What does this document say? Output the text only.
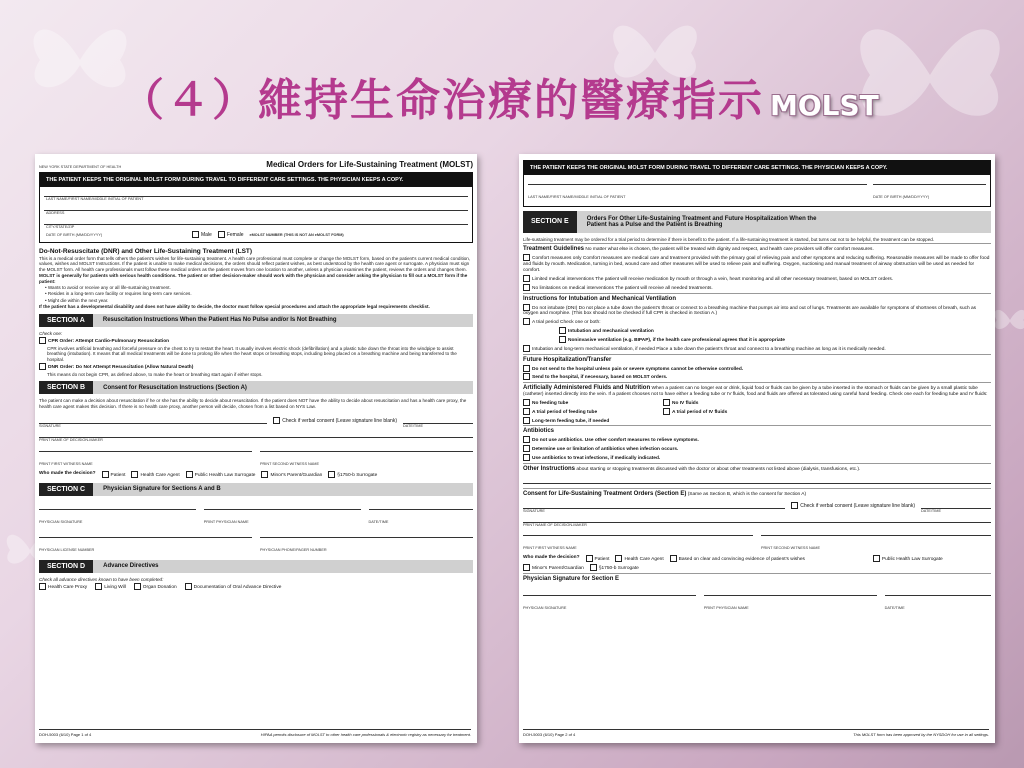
（４）維持生命治療的醫療指示 MOLST
NEW YORK STATE DEPARTMENT OF HEALTH	Medical Orders for Life-Sustaining Treatment (MOLST)
THE PATIENT KEEPS THE ORIGINAL MOLST FORM DURING TRAVEL TO DIFFERENT CARE SETTINGS. THE PHYSICIAN KEEPS A COPY.
LAST NAME/FIRST NAME/MIDDLE INITIAL OF PATIENT
ADDRESS
CITY/STATE/ZIP
DATE OF BIRTH (MM/DD/YYYY)	Male	Female eMOLST NUMBER (THIS IS NOT AN eMOLST FORM)
Do-Not-Resuscitate (DNR) and Other Life-Sustaining Treatment (LST)
This is a medical order form that tells others the patient's wishes for life-sustaining treatment. A health care professional must complete or change the MOLST form, based on the patient's current medical condition, values, wishes and MOLST Instructions. If the patient is unable to make medical decisions, the orders should reflect patient wishes, as best understood by the health care agent or surrogate. A physician must sign the MOLST form. All health care professionals must follow these medical orders as the patient moves from one location to another, unless a physician examines the patient, reviews the orders and changes them.
MOLST is generally for patients with serious health conditions. The patient or other decision-maker should work with the physician and consider asking the physician to fill out a MOLST form if the patient:
• Wants to avoid or receive any or all life-sustaining treatment.
• Resides in a long-term care facility or requires long-term care services.
• Might die within the next year.
If the patient has a developmental disability and does not have ability to decide, the doctor must follow special procedures and attach the appropriate legal requirements checklist.
SECTION A	Resuscitation Instructions When the Patient Has No Pulse and/or Is Not Breathing
Check one:
CPR Order: Attempt Cardio-Pulmonary Resuscitation
CPR involves artificial breathing and forceful pressure on the chest to try to restart the heart. It usually involves electric shock (defibrillation) and a plastic tube down the throat into the windpipe to assist breathing (intubation). It means that all medical treatments will be done to prolong life when the heart stops or breathing stops, including being placed on a breathing machine and being transferred to the hospital.
DNR Order: Do Not Attempt Resuscitation (Allow Natural Death)
This means do not begin CPR, as defined above, to make the heart or breathing start again if either stops.
SECTION B	Consent for Resuscitation Instructions (Section A)
The patient can make a decision about resuscitation if he or she has the ability to decide about resuscitation. If the patient does NOT have the ability to decide about resuscitation and has a health care proxy, the health care agent makes this decision. If there is no health care proxy, another person will decide, chosen from a list based on NYS Law.
Check if verbal consent (Leave signature line blank)
SIGNATURE	DATE/TIME
PRINT NAME OF DECISION-MAKER
PRINT FIRST WITNESS NAME	PRINT SECOND WITNESS NAME
Who made the decision?	Patient	Health Care Agent	Public Health Law Surrogate	Minor's Parent/Guardian	§1750-b Surrogate
SECTION C	Physician Signature for Sections A and B
PHYSICIAN SIGNATURE	PRINT PHYSICIAN NAME	DATE/TIME
PHYSICIAN LICENSE NUMBER	PHYSICIAN PHONE/PAGER NUMBER
SECTION D	Advance Directives
Check all advance directives known to have been completed:
Health Care Proxy	Living Will	Organ Donation	Documentation of Oral Advance Directive
DOH-5003 (6/10) Page 1 of 4	HIPAA permits disclosure of MOLST to other health care professionals & electronic registry as necessary for treatment.
THE PATIENT KEEPS THE ORIGINAL MOLST FORM DURING TRAVEL TO DIFFERENT CARE SETTINGS. THE PHYSICIAN KEEPS A COPY.
LAST NAME/FIRST NAME/MIDDLE INITIAL OF PATIENT	DATE OF BIRTH (MM/DD/YYYY)
SECTION E	Orders For Other Life-Sustaining Treatment and Future Hospitalization When the Patient has a Pulse and the Patient is Breathing
Life-sustaining treatment may be ordered for a trial period to determine if there is benefit to the patient. If a life-sustaining treatment is started, but turns out not to be helpful, the treatment can be stopped.
Treatment Guidelines No matter what else is chosen, the patient will be treated with dignity and respect, and health care providers will offer comfort measures.
Comfort measures only Comfort measures are medical care and treatment provided with the primary goal of relieving pain and other symptoms and reducing suffering. Reasonable measures will be made to offer food and fluids by mouth. Medication, turning in bed, wound care and other measures will be used to relieve pain and suffering. Oxygen, suctioning and manual treatment of airway obstruction will be used as needed for comfort.
Limited medical interventions The patient will receive medication by mouth or through a vein, heart monitoring and all other necessary treatment, based on MOLST orders.
No limitations on medical interventions The patient will receive all needed treatments.
Instructions for Intubation and Mechanical Ventilation
Do not intubate (DNI) Do not place a tube down the patient's throat or connect to a breathing machine that pumps air into and out of lungs. Treatments are available for symptoms of shortness of breath, such as oxygen and morphine. (This box should not be checked if full CPR is checked in Section A.)
A trial period Check one or both:
Intubation and mechanical ventilation
Noninvasive ventilation (e.g. BIPAP), if the health care professional agrees that it is appropriate
Intubation and long-term mechanical ventilation, if needed Place a tube down the patient's throat and connect to a breathing machine as long as it is medically needed.
Future Hospitalization/Transfer
Do not send to the hospital unless pain or severe symptoms cannot be otherwise controlled.
Send to the hospital, if necessary, based on MOLST orders.
Artificially Administered Fluids and Nutrition When a patient can no longer eat or drink, liquid food or fluids can be given by a tube inserted in the stomach or fluids can be given by a small plastic tube (catheter) inserted directly into the vein. If a patient chooses not to have either a feeding tube or IV fluids, food and fluids are offered as tolerated using careful hand feeding. Check one each for feeding tube and IV fluids:
No feeding tube	No IV fluids
A trial period of feeding tube	A trial period of IV fluids
Long-term feeding tube, if needed
Antibiotics
Do not use antibiotics. Use other comfort measures to relieve symptoms.
Determine use or limitation of antibiotics when infection occurs.
Use antibiotics to treat infections, if medically indicated.
Other Instructions about starting or stopping treatments discussed with the doctor or about other treatments not listed above (dialysis, transfusions, etc.).
Consent for Life-Sustaining Treatment Orders (Section E) (Same as Section B, which is the consent for Section A)
Check if verbal consent (Leave signature line blank)
SIGNATURE	DATE/TIME
PRINT NAME OF DECISION-MAKER
PRINT FIRST WITNESS NAME	PRINT SECOND WITNESS NAME
Who made the decision?	Patient	Health Care Agent	Based on clear and convincing evidence of patient's wishes	Public Health Law Surrogate
Minor's Parent/Guardian	§1750-b Surrogate
Physician Signature for Section E
PHYSICIAN SIGNATURE	PRINT PHYSICIAN NAME	DATE/TIME
DOH-5003 (6/10) Page 2 of 4	This MOLST form has been approved by the NYSDOH for use in all settings.
